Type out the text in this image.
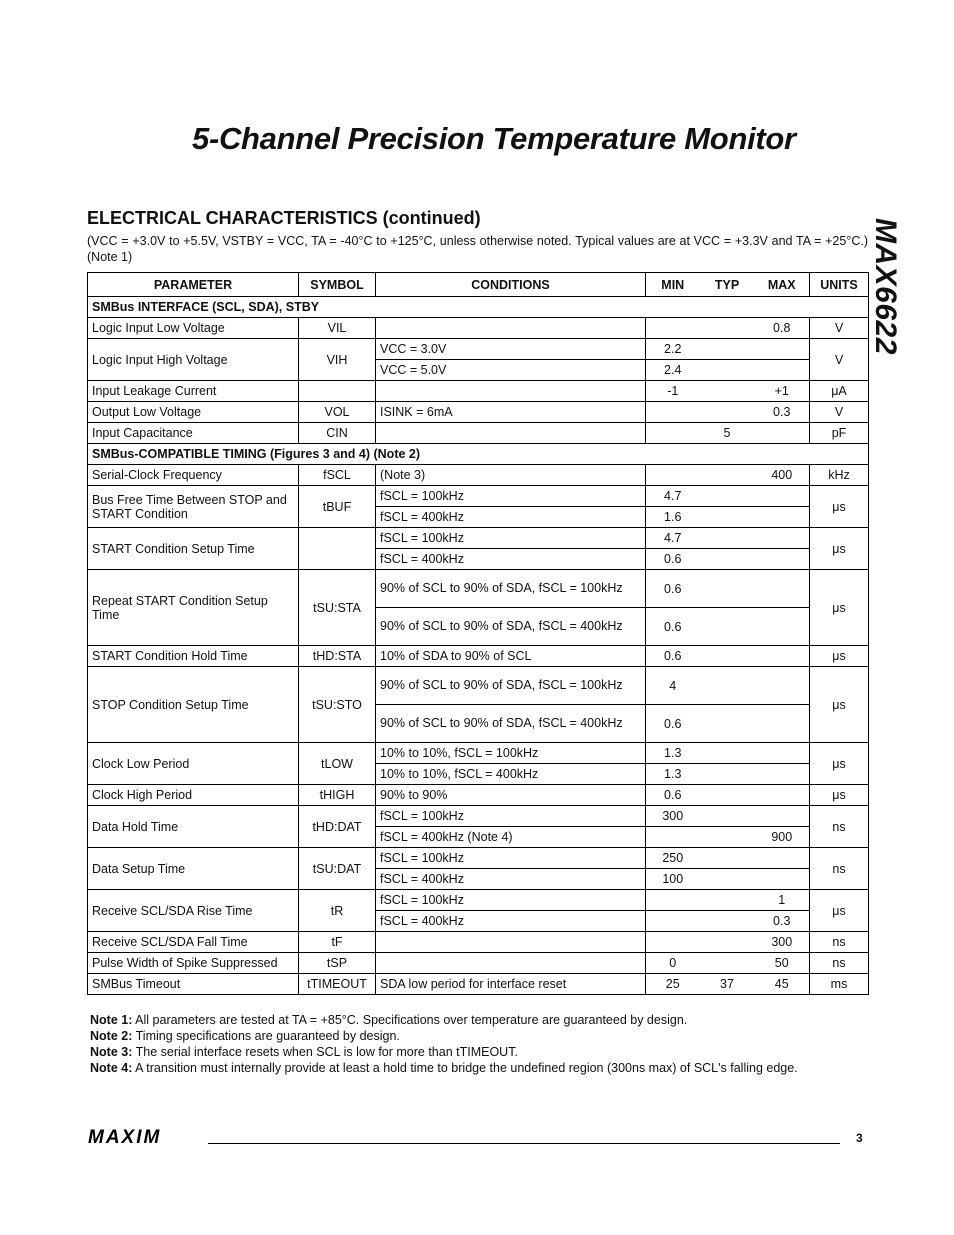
5-Channel Precision Temperature Monitor
MAX6622
ELECTRICAL CHARACTERISTICS (continued)
(VCC = +3.0V to +5.5V, VSTBY = VCC, TA = -40°C to +125°C, unless otherwise noted. Typical values are at VCC = +3.3V and TA = +25°C.) (Note 1)
PARAMETER	SYMBOL	CONDITIONS	MIN	TYP	MAX	UNITS
SMBus INTERFACE (SCL, SDA), STBY						
Logic Input Low Voltage	VIL				0.8	V
Logic Input High Voltage	VIH	VCC = 3.0V	2.2			V
		VCC = 5.0V	2.4			
Input Leakage Current			-1		+1	μA
Output Low Voltage	VOL	ISINK = 6mA			0.3	V
Input Capacitance	CIN			5		pF
SMBus-COMPATIBLE TIMING (Figures 3 and 4) (Note 2)						
Serial-Clock Frequency	fSCL	(Note 3)			400	kHz
Bus Free Time Between STOP and START Condition	tBUF	fSCL = 100kHz	4.7			μs
		fSCL = 400kHz	1.6			
START Condition Setup Time		fSCL = 100kHz	4.7			μs
		fSCL = 400kHz	0.6			
Repeat START Condition Setup Time	tSU:STA	90% of SCL to 90% of SDA, fSCL = 100kHz	0.6			μs
		90% of SCL to 90% of SDA, fSCL = 400kHz	0.6			
START Condition Hold Time	tHD:STA	10% of SDA to 90% of SCL	0.6			μs
STOP Condition Setup Time	tSU:STO	90% of SCL to 90% of SDA, fSCL = 100kHz	4			μs
		90% of SCL to 90% of SDA, fSCL = 400kHz	0.6			
Clock Low Period	tLOW	10% to 10%, fSCL = 100kHz	1.3			μs
		10% to 10%, fSCL = 400kHz	1.3			
Clock High Period	tHIGH	90% to 90%	0.6			μs
Data Hold Time	tHD:DAT	fSCL = 100kHz	300			ns
		fSCL = 400kHz (Note 4)			900	
Data Setup Time	tSU:DAT	fSCL = 100kHz	250			ns
		fSCL = 400kHz	100			
Receive SCL/SDA Rise Time	tR	fSCL = 100kHz			1	μs
		fSCL = 400kHz			0.3	
Receive SCL/SDA Fall Time	tF				300	ns
Pulse Width of Spike Suppressed	tSP		0		50	ns
SMBus Timeout	tTIMEOUT	SDA low period for interface reset	25	37	45	ms
Note 1: All parameters are tested at TA = +85°C. Specifications over temperature are guaranteed by design.
Note 2: Timing specifications are guaranteed by design.
Note 3: The serial interface resets when SCL is low for more than tTIMEOUT.
Note 4: A transition must internally provide at least a hold time to bridge the undefined region (300ns max) of SCL's falling edge.
MAXIM	3
